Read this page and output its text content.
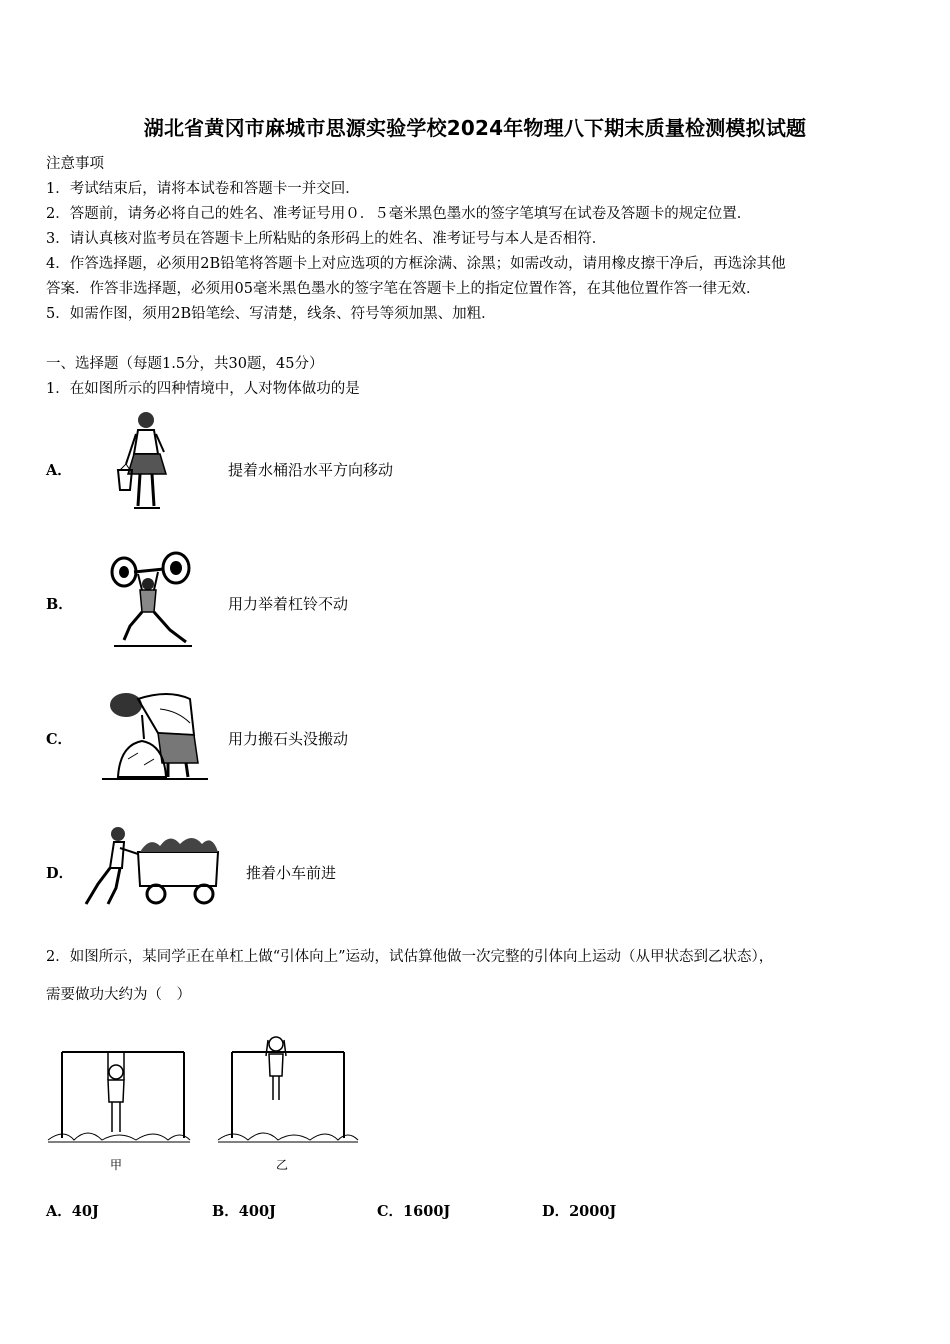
湖北省黄冈市麻城市思源实验学校2024年物理八下期末质量检测模拟试题
注意事项
1．考试结束后，请将本试卷和答题卡一并交回．
2．答题前，请务必将自己的姓名、准考证号用０．５毫米黑色墨水的签字笔填写在试卷及答题卡的规定位置．
3．请认真核对监考员在答题卡上所粘贴的条形码上的姓名、准考证号与本人是否相符．
4．作答选择题，必须用2B铅笔将答题卡上对应选项的方框涂满、涂黑；如需改动，请用橡皮擦干净后，再选涂其他
答案．作答非选择题，必须用05毫米黑色墨水的签字笔在答题卡上的指定位置作答，在其他位置作答一律无效．
5．如需作图，须用2B铅笔绘、写清楚，线条、符号等须加黑、加粗．
一、选择题（每题1.5分，共30题，45分）
1．在如图所示的四种情境中，人对物体做功的是
A．	提着水桶沿水平方向移动
B．	用力举着杠铃不动
C．	用力搬石头没搬动
D．	推着小车前进
2．如图所示，某同学正在单杠上做“引体向上”运动，试估算他做一次完整的引体向上运动（从甲状态到乙状态），
需要做功大约为（　）
甲	乙
A．40J	B．400J	C．1600J	D．2000J
